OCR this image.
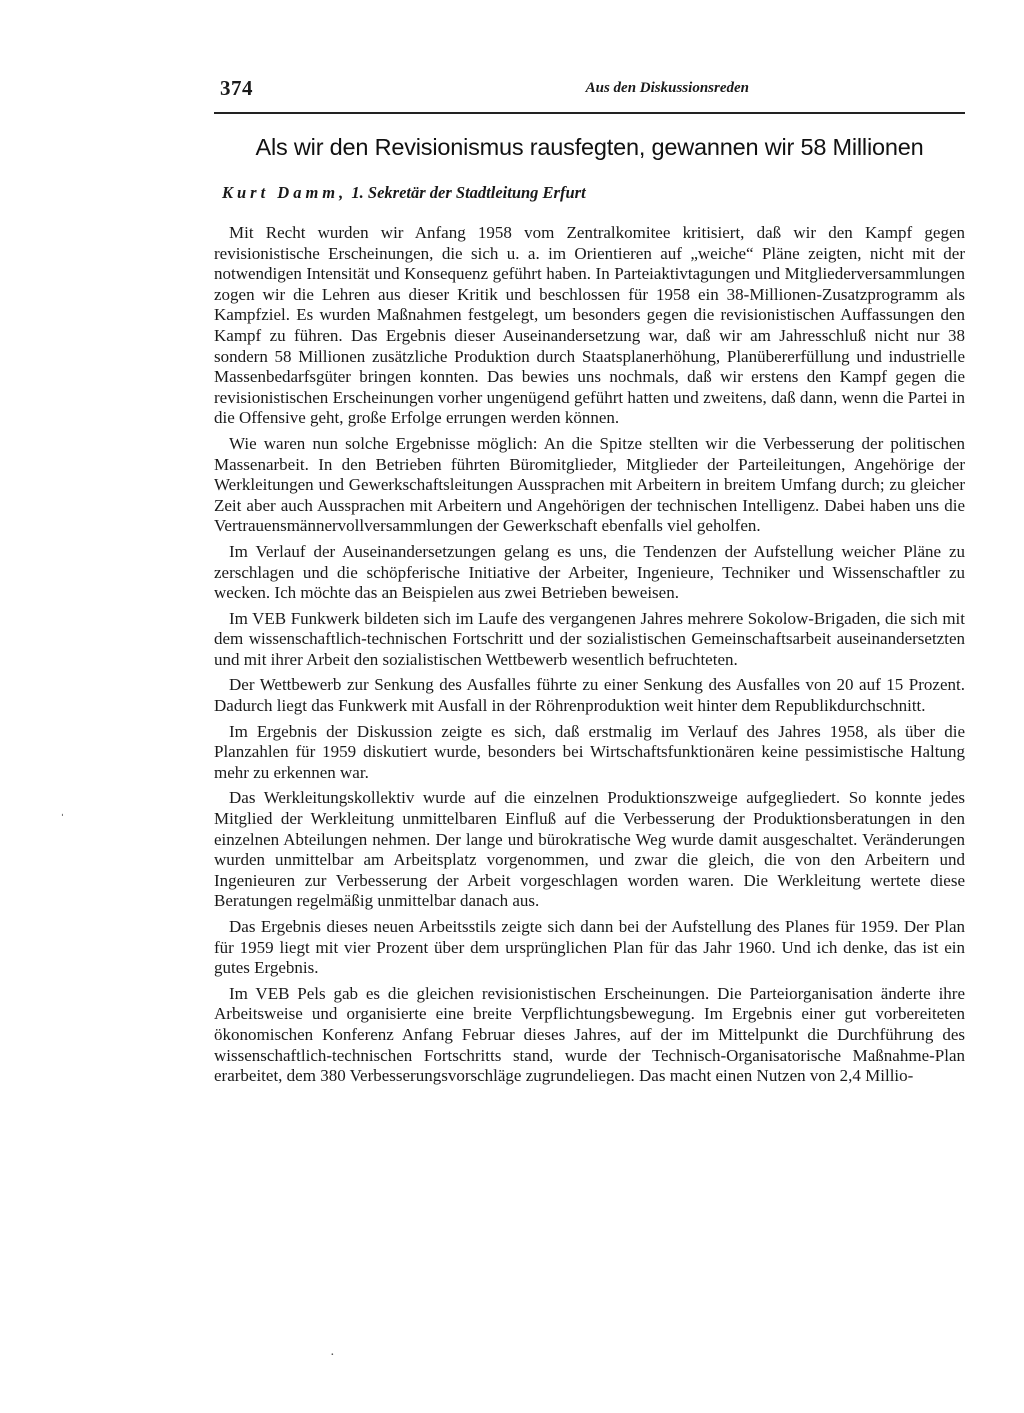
374	Aus den Diskussionsreden
Als wir den Revisionismus rausfegten, gewannen wir 58 Millionen
Kurt Damm, 1. Sekretär der Stadtleitung Erfurt

Mit Recht wurden wir Anfang 1958 vom Zentralkomitee kritisiert, daß wir den Kampf gegen revisionistische Erscheinungen, die sich u. a. im Orientieren auf „weiche“ Pläne zeigten, nicht mit der notwendigen Intensität und Konsequenz geführt haben. In Parteiaktivtagungen und Mitgliederversammlungen zogen wir die Lehren aus dieser Kritik und beschlossen für 1958 ein 38-Millionen-Zusatzprogramm als Kampfziel. Es wurden Maßnahmen festgelegt, um besonders gegen die revisionistischen Auffassungen den Kampf zu führen. Das Ergebnis dieser Auseinandersetzung war, daß wir am Jahresschluß nicht nur 38 sondern 58 Millionen zusätzliche Produktion durch Staatsplanerhöhung, Planübererfüllung und industrielle Massenbedarfsgüter bringen konnten. Das bewies uns nochmals, daß wir erstens den Kampf gegen die revisionistischen Erscheinungen vorher ungenügend geführt hatten und zweitens, daß dann, wenn die Partei in die Offensive geht, große Erfolge errungen werden können.

Wie waren nun solche Ergebnisse möglich: An die Spitze stellten wir die Verbesserung der politischen Massenarbeit. In den Betrieben führten Büromitglieder, Mitglieder der Parteileitungen, Angehörige der Werkleitungen und Gewerkschaftsleitungen Aussprachen mit Arbeitern in breitem Umfang durch; zu gleicher Zeit aber auch Aussprachen mit Arbeitern und Angehörigen der technischen Intelligenz. Dabei haben uns die Vertrauensmännervollversammlungen der Gewerkschaft ebenfalls viel geholfen.

Im Verlauf der Auseinandersetzungen gelang es uns, die Tendenzen der Aufstellung weicher Pläne zu zerschlagen und die schöpferische Initiative der Arbeiter, Ingenieure, Techniker und Wissenschaftler zu wecken. Ich möchte das an Beispielen aus zwei Betrieben beweisen.

Im VEB Funkwerk bildeten sich im Laufe des vergangenen Jahres mehrere Sokolow-Brigaden, die sich mit dem wissenschaftlich-technischen Fortschritt und der sozialistischen Gemeinschaftsarbeit auseinandersetzten und mit ihrer Arbeit den sozialistischen Wettbewerb wesentlich befruchteten.

Der Wettbewerb zur Senkung des Ausfalles führte zu einer Senkung des Ausfalles von 20 auf 15 Prozent. Dadurch liegt das Funkwerk mit Ausfall in der Röhrenproduktion weit hinter dem Republikdurchschnitt.

Im Ergebnis der Diskussion zeigte es sich, daß erstmalig im Verlauf des Jahres 1958, als über die Planzahlen für 1959 diskutiert wurde, besonders bei Wirtschaftsfunktionären keine pessimistische Haltung mehr zu erkennen war.

Das Werkleitungskollektiv wurde auf die einzelnen Produktionszweige aufgegliedert. So konnte jedes Mitglied der Werkleitung unmittelbaren Einfluß auf die Verbesserung der Produktionsberatungen in den einzelnen Abteilungen nehmen. Der lange und bürokratische Weg wurde damit ausgeschaltet. Veränderungen wurden unmittelbar am Arbeitsplatz vorgenommen, und zwar die gleich, die von den Arbeitern und Ingenieuren zur Verbesserung der Arbeit vorgeschlagen worden waren. Die Werkleitung wertete diese Beratungen regelmäßig unmittelbar danach aus.

Das Ergebnis dieses neuen Arbeitsstils zeigte sich dann bei der Aufstellung des Planes für 1959. Der Plan für 1959 liegt mit vier Prozent über dem ursprünglichen Plan für das Jahr 1960. Und ich denke, das ist ein gutes Ergebnis.

Im VEB Pels gab es die gleichen revisionistischen Erscheinungen. Die Parteiorganisation änderte ihre Arbeitsweise und organisierte eine breite Verpflichtungsbewegung. Im Ergebnis einer gut vorbereiteten ökonomischen Konferenz Anfang Februar dieses Jahres, auf der im Mittelpunkt die Durchführung des wissenschaftlich-technischen Fortschritts stand, wurde der Technisch-Organisatorische Maßnahme-Plan erarbeitet, dem 380 Verbesserungsvorschläge zugrundeliegen. Das macht einen Nutzen von 2,4 Millio-

ˌ
·
